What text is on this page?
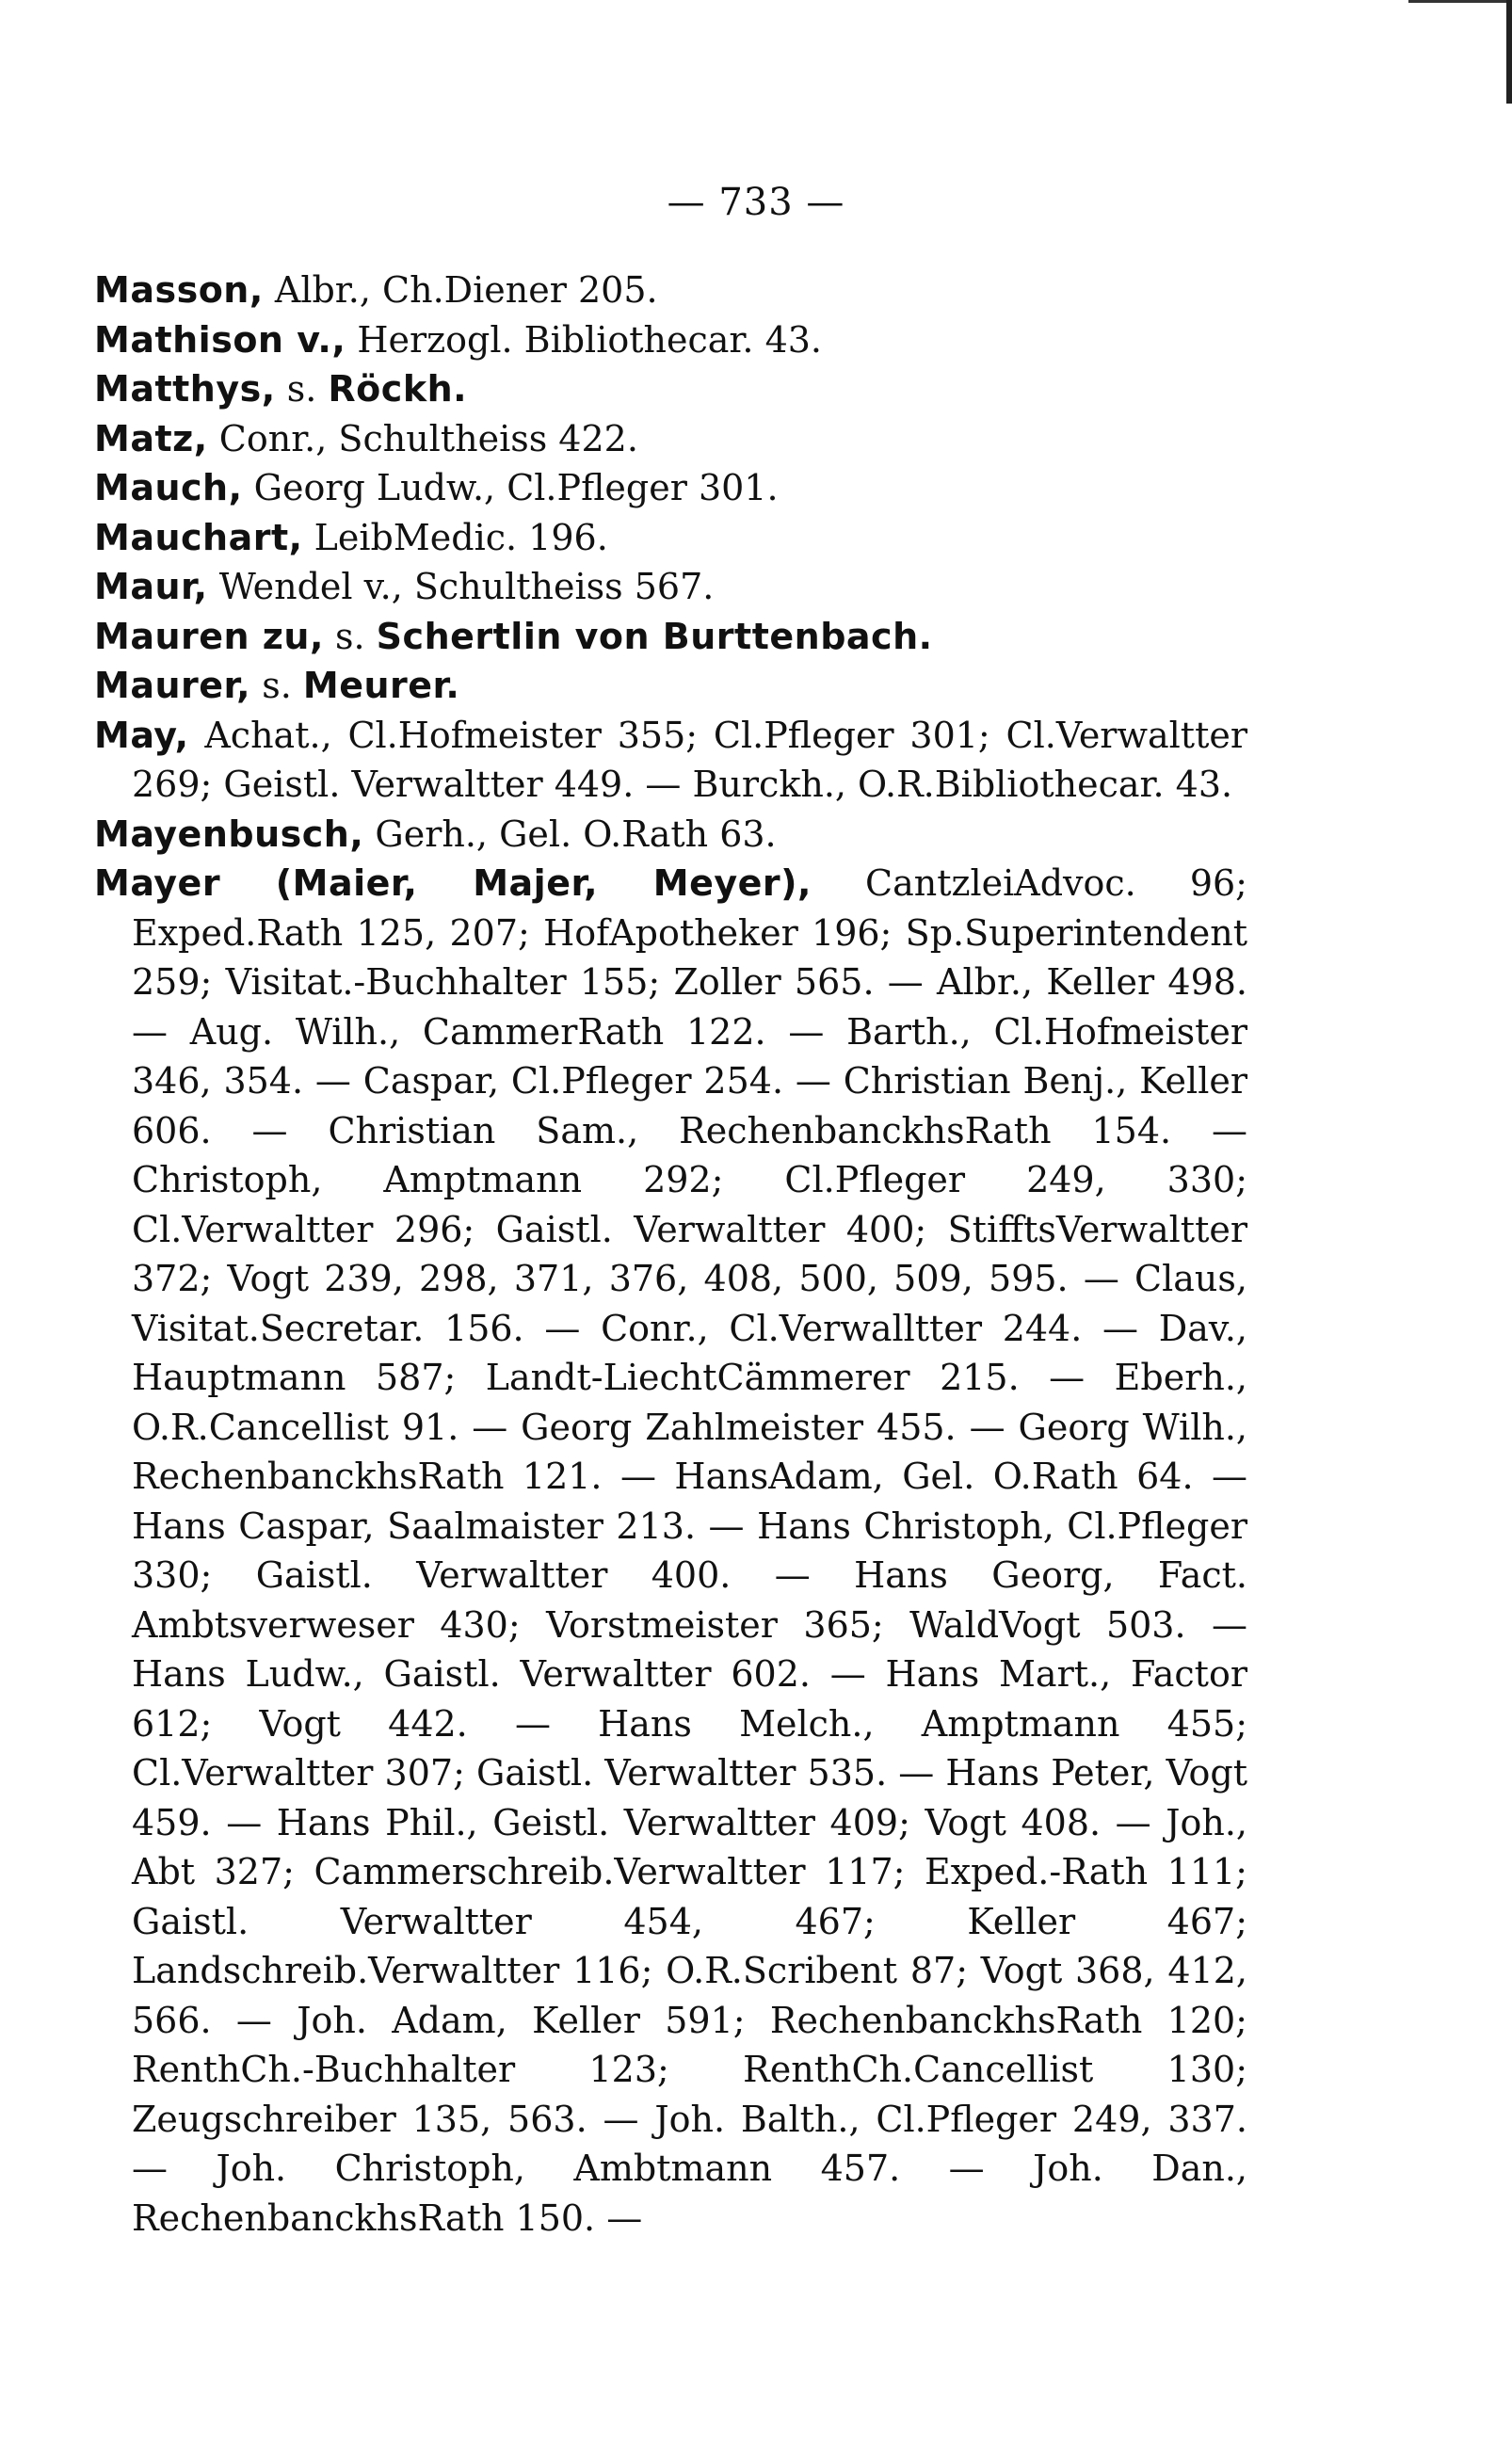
— 733 —

Masson, Albr., Ch.Diener 205.

Mathison v., Herzogl. Bibliothecar. 43.

Matthys, s. Röckh.

Matz, Conr., Schultheiss 422.

Mauch, Georg Ludw., Cl.Pfleger 301.

Mauchart, LeibMedic. 196.

Maur, Wendel v., Schultheiss 567.

Mauren zu, s. Schertlin von Burttenbach.

Maurer, s. Meurer.

May, Achat., Cl.Hofmeister 355; Cl.Pfleger 301; Cl.Verwaltter 269; Geistl. Verwaltter 449. — Burckh., O.R.Bibliothecar. 43.

Mayenbusch, Gerh., Gel. O.Rath 63.

Mayer (Maier, Majer, Meyer), CantzleiAdvoc. 96; Exped.Rath 125, 207; HofApotheker 196; Sp.Superintendent 259; Visitat.-Buchhalter 155; Zoller 565. — Albr., Keller 498. — Aug. Wilh., CammerRath 122. — Barth., Cl.Hofmeister 346, 354. — Caspar, Cl.Pfleger 254. — Christian Benj., Keller 606. — Christian Sam., RechenbanckhsRath 154. — Christoph, Amptmann 292; Cl.Pfleger 249, 330; Cl.Verwaltter 296; Gaistl. Verwaltter 400; StifftsVerwaltter 372; Vogt 239, 298, 371, 376, 408, 500, 509, 595. — Claus, Visitat.Secretar. 156. — Conr., Cl.Verwalltter 244. — Dav., Hauptmann 587; Landt-LiechtCämmerer 215. — Eberh., O.R.Cancellist 91. — Georg Zahlmeister 455. — Georg Wilh., RechenbanckhsRath 121. — HansAdam, Gel. O.Rath 64. — Hans Caspar, Saalmaister 213. — Hans Christoph, Cl.Pfleger 330; Gaistl. Verwaltter 400. — Hans Georg, Fact. Ambtsverweser 430; Vorstmeister 365; WaldVogt 503. — Hans Ludw., Gaistl. Verwaltter 602. — Hans Mart., Factor 612; Vogt 442. — Hans Melch., Amptmann 455; Cl.Verwaltter 307; Gaistl. Verwaltter 535. — Hans Peter, Vogt 459. — Hans Phil., Geistl. Verwaltter 409; Vogt 408. — Joh., Abt 327; Cammerschreib.Verwaltter 117; Exped.-Rath 111; Gaistl. Verwaltter 454, 467; Keller 467; Landschreib.Verwaltter 116; O.R.Scribent 87; Vogt 368, 412, 566. — Joh. Adam, Keller 591; RechenbanckhsRath 120; RenthCh.-Buchhalter 123; RenthCh.Cancellist 130; Zeugschreiber 135, 563. — Joh. Balth., Cl.Pfleger 249, 337. — Joh. Christoph, Ambtmann 457. — Joh. Dan., RechenbanckhsRath 150. —
